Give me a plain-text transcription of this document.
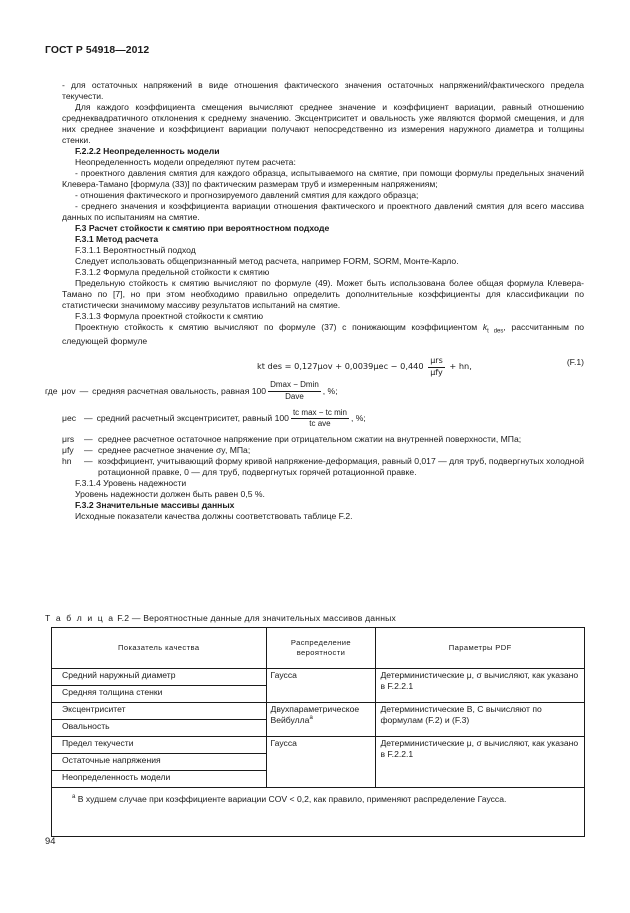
ГОСТ Р 54918—2012

- для остаточных напряжений в виде отношения фактического значения остаточных напряжений/фактического предела текучести.

Для каждого коэффициента смещения вычисляют среднее значение и коэффициент вариации, равный отношению среднеквадратичного отклонения к среднему значению. Эксцентриситет и овальность уже являются формой смещения, и для них среднее значение и коэффициент вариации получают непосредственно из измерения наружного диаметра и толщины стенки.

F.2.2.2 Неопределенность модели

Неопределенность модели определяют путем расчета:

- проектного давления смятия для каждого образца, испытываемого на смятие, при помощи формулы предельных значений Клевера-Тамано [формула (33)] по фактическим размерам труб и измеренным напряжениям;

- отношения фактического и прогнозируемого давлений смятия для каждого образца;

- среднего значения и коэффициента вариации отношения фактического и проектного давлений смятия для всего массива данных по испытаниям на смятие.

F.3 Расчет стойкости к смятию при вероятностном подходе

F.3.1 Метод расчета

F.3.1.1 Вероятностный подход

Следует использовать общепризнанный метод расчета, например FORM, SORM, Монте-Карло.

F.3.1.2 Формула предельной стойкости к смятию

Предельную стойкость к смятию вычисляют по формуле (49). Может быть использована более общая формула Клевера-Тамано по [7], но при этом необходимо правильно определить дополнительные коэффициенты для классификации по статистически значимому массиву результатов испытаний на смятие.

F.3.1.3 Формула проектной стойкости к смятию

Проектную стойкость к смятию вычисляют по формуле (37) с понижающим коэффициентом $k_{t des}$, рассчитанным по следующей формуле

kt des = $0,127\mu ov + 0,0039\mu ec - 0,440 \frac{\text{μrs}}{\text{μfy}}$ + hn,	(F.1)
где μov — средняя расчетная овальность, равная $100 \frac{Dmax - Dmin}{\text{Dave}}$ , %;
μec — средний расчетный эксцентриситет, равный $100 \frac{\text{tc max − tc min}}{\text{tc ave}}$ , %;
μrs	— среднее расчетное остаточное напряжение при отрицательном сжатии на внутренней поверхности, МПа;
μfy	— среднее расчетное значение σy, МПа;
hn	— коэффициент, учитывающий форму кривой напряжение-деформация, равный 0,017 — для труб, подвергнутых холодной ротационной правке, 0 — для труб, подвергнутых горячей ротационной правке.

F.3.1.4 Уровень надежности

Уровень надежности должен быть равен 0,5 %.

F.3.2 Значительные массивы данных

Исходные показатели качества должны соответствовать таблице F.2.

Т а б л и ц а F.2 — Вероятностные данные для значительных массивов данных
Показатель качества	Распределение вероятности	Параметры PDF
Средний наружный диаметр	Гаусса	Детерминистические μ, σ вычисляют, как указано в F.2.2.1
Средняя толщина стенки		
Эксцентриситет	Двухпараметрическое Вейбулла$^а$	Детерминистические B, C вычисляют по формулам (F.2) и (F.3)
Овальность		
Предел текучести	Гаусса	Детерминистические μ, σ вычисляют, как указано в F.2.2.1
Остаточные напряжения		
Неопределенность модели		
$^а$ В худшем случае при коэффициенте вариации COV < 0,2, как правило, применяют распределение Гаусса.		
94
